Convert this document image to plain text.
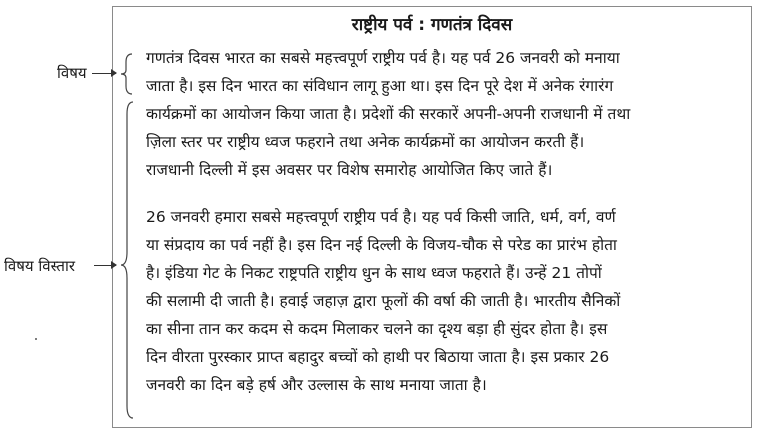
राष्ट्रीय पर्व : गणतंत्र दिवस
गणतंत्र दिवस भारत का सबसे महत्त्वपूर्ण राष्ट्रीय पर्व है। यह पर्व 26 जनवरी को मनाया
जाता है। इस दिन भारत का संविधान लागू हुआ था। इस दिन पूरे देश में अनेक रंगारंग
कार्यक्रमों का आयोजन किया जाता है। प्रदेशों की सरकारें अपनी-अपनी राजधानी में तथा
ज़िला स्तर पर राष्ट्रीय ध्वज फहराने तथा अनेक कार्यक्रमों का आयोजन करती हैं।
राजधानी दिल्ली में इस अवसर पर विशेष समारोह आयोजित किए जाते हैं।
26 जनवरी हमारा सबसे महत्त्वपूर्ण राष्ट्रीय पर्व है। यह पर्व किसी जाति, धर्म, वर्ग, वर्ण
या संप्रदाय का पर्व नहीं है। इस दिन नई दिल्ली के विजय-चौक से परेड का प्रारंभ होता
है। इंडिया गेट के निकट राष्ट्रपति राष्ट्रीय धुन के साथ ध्वज फहराते हैं। उन्हें 21 तोपों
की सलामी दी जाती है। हवाई जहाज़ द्वारा फूलों की वर्षा की जाती है। भारतीय सैनिकों
का सीना तान कर कदम से कदम मिलाकर चलने का दृश्य बड़ा ही सुंदर होता है। इस
दिन वीरता पुरस्कार प्राप्त बहादुर बच्चों को हाथी पर बिठाया जाता है। इस प्रकार 26
जनवरी का दिन बड़े हर्ष और उल्लास के साथ मनाया जाता है।
विषय
विषय विस्तार
